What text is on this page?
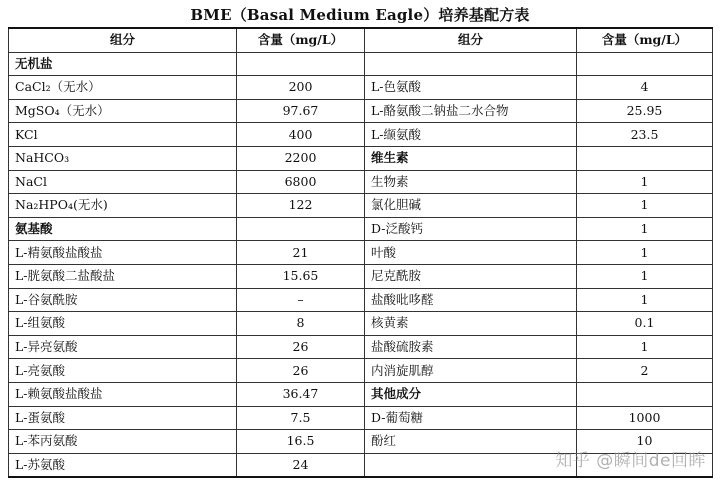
BME（Basal Medium Eagle）培养基配方表
组分	含量（mg/L）	组分	含量（mg/L）
无机盐			
CaCl₂（无水）	200	L-色氨酸	4
MgSO₄（无水）	97.67	L-酪氨酸二钠盐二水合物	25.95
KCl	400	L-缬氨酸	23.5
NaHCO₃	2200	维生素	
NaCl	6800	生物素	1
Na₂HPO₄(无水)	122	氯化胆碱	1
氨基酸		D-泛酸钙	1
L-精氨酸盐酸盐	21	叶酸	1
L-胱氨酸二盐酸盐	15.65	尼克酰胺	1
L-谷氨酰胺	–	盐酸吡哆醛	1
L-组氨酸	8	核黄素	0.1
L-异亮氨酸	26	盐酸硫胺素	1
L-亮氨酸	26	内消旋肌醇	2
L-赖氨酸盐酸盐	36.47	其他成分	
L-蛋氨酸	7.5	D-葡萄糖	1000
L-苯丙氨酸	16.5	酚红	10
L-苏氨酸	24			知乎 @瞬间de回眸
